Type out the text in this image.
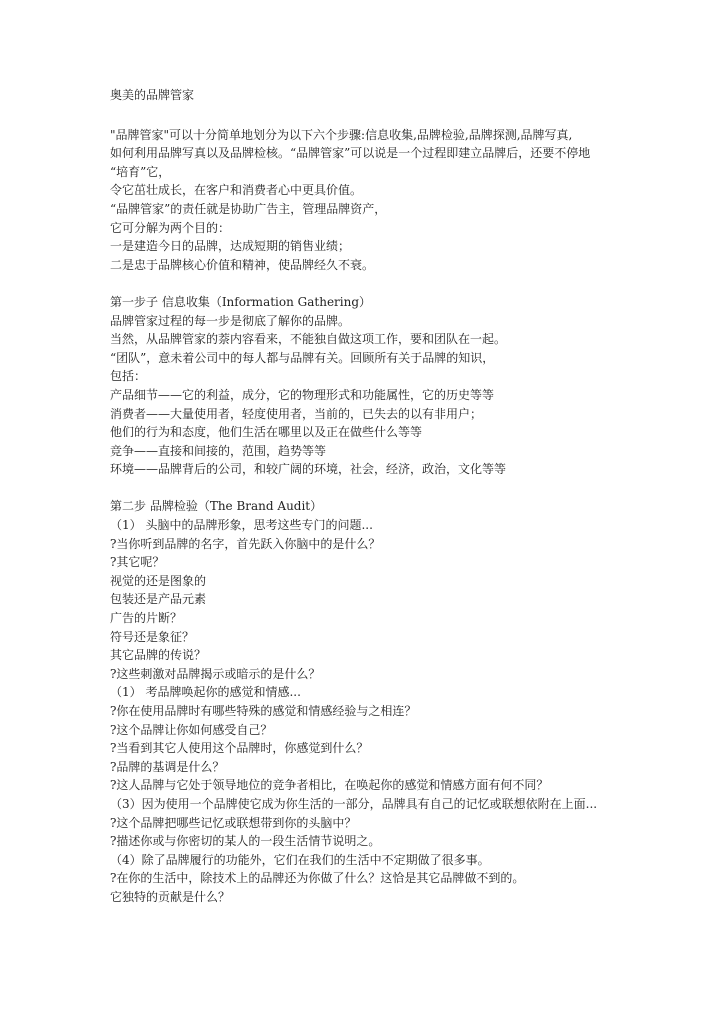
奥美的品牌管家
"品牌管家"可以十分简单地划分为以下六个步骤:信息收集,品牌检验,品牌探测,品牌写真,
如何利用品牌写真以及品牌检核。“品牌管家”可以说是一个过程即建立品牌后，还要不停地
“培育”它，
令它茁壮成长，在客户和消费者心中更具价值。
“品牌管家”的责任就是协助广告主，管理品牌资产，
它可分解为两个目的：
一是建造今日的品牌，达成短期的销售业绩；
二是忠于品牌核心价值和精神，使品牌经久不衰。
第一步子 信息收集（Information Gathering）
品牌管家过程的每一步是彻底了解你的品牌。
当然，从品牌管家的萘内容看来，不能独自做这项工作，要和团队在一起。
“团队”，意未着公司中的每人都与品牌有关。回顾所有关于品牌的知识，
包括：
产品细节——它的利益，成分，它的物理形式和功能属性，它的历史等等
消费者——大量使用者，轻度使用者，当前的，已失去的以有非用户；
他们的行为和态度，他们生活在哪里以及正在做些什么等等
竞争——直接和间接的，范围，趋势等等
环境——品牌背后的公司，和较广阔的环境，社会，经济，政治，文化等等
第二步 品牌检验（The Brand Audit）
（1） 头脑中的品牌形象，思考这些专门的问题...
?当你听到品牌的名字，首先跃入你脑中的是什么？
?其它呢？
视觉的还是图象的
包装还是产品元素
广告的片断？
符号还是象征？
其它品牌的传说？
?这些刺激对品牌揭示或暗示的是什么？
（1） 考品牌唤起你的感觉和情感...
?你在使用品牌时有哪些特殊的感觉和情感经验与之相连？
?这个品牌让你如何感受自己？
?当看到其它人使用这个品牌时，你感觉到什么？
?品牌的基调是什么？
?这人品牌与它处于领导地位的竞争者相比，在唤起你的感觉和情感方面有何不同？
（3）因为使用一个品牌使它成为你生活的一部分，品牌具有自己的记忆或联想依附在上面...
?这个品牌把哪些记忆或联想带到你的头脑中？
?描述你或与你密切的某人的一段生活情节说明之。
（4）除了品牌履行的功能外，它们在我们的生活中不定期做了很多事。
?在你的生活中，除技术上的品牌还为你做了什么？这恰是其它品牌做不到的。
它独特的贡献是什么？
